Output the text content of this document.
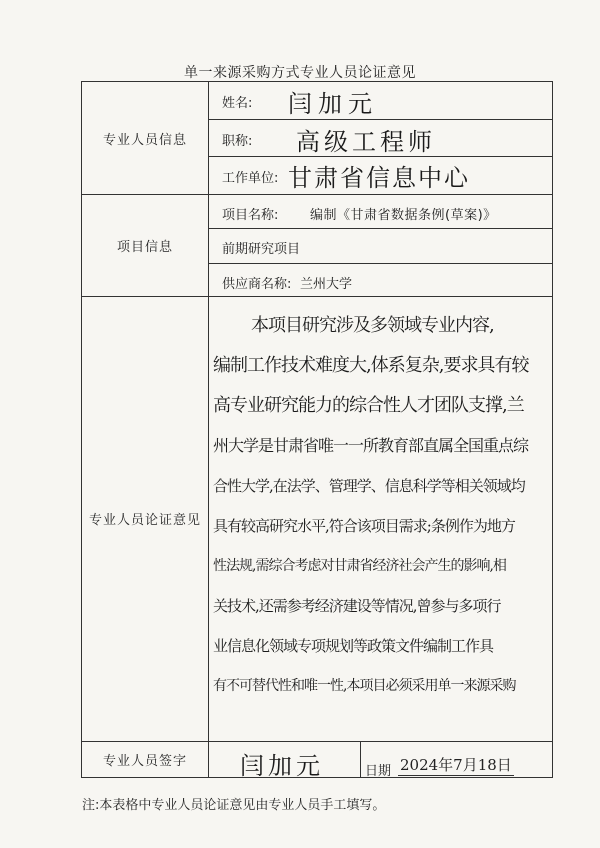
单一来源采购方式专业人员论证意见
专业人员信息
姓名: 闫加元
职称: 高级工程师
工作单位: 甘肃省信息中心
项目信息
项目名称: 编制《甘肃省数据条例(草案)》
前期研究项目
供应商名称: 兰州大学
专业人员论证意见
本项目研究涉及多领域专业内容,
编制工作技术难度大,体系复杂,要求具有较
高专业研究能力的综合性人才团队支撑,兰
州大学是甘肃省唯一一所教育部直属全国重点综
合性大学,在法学、管理学、信息科学等相关领域均
具有较高研究水平,符合该项目需求;条例作为地方
性法规,需综合考虑对甘肃省经济社会产生的影响,相
关技术,还需参考经济建设等情况,曾参与多项行
业信息化领域专项规划等政策文件编制工作具
有不可替代性和唯一性,本项目必须采用单一来源采购
专业人员签字	闫加元	日期 2024年7月18日
注:本表格中专业人员论证意见由专业人员手工填写。
